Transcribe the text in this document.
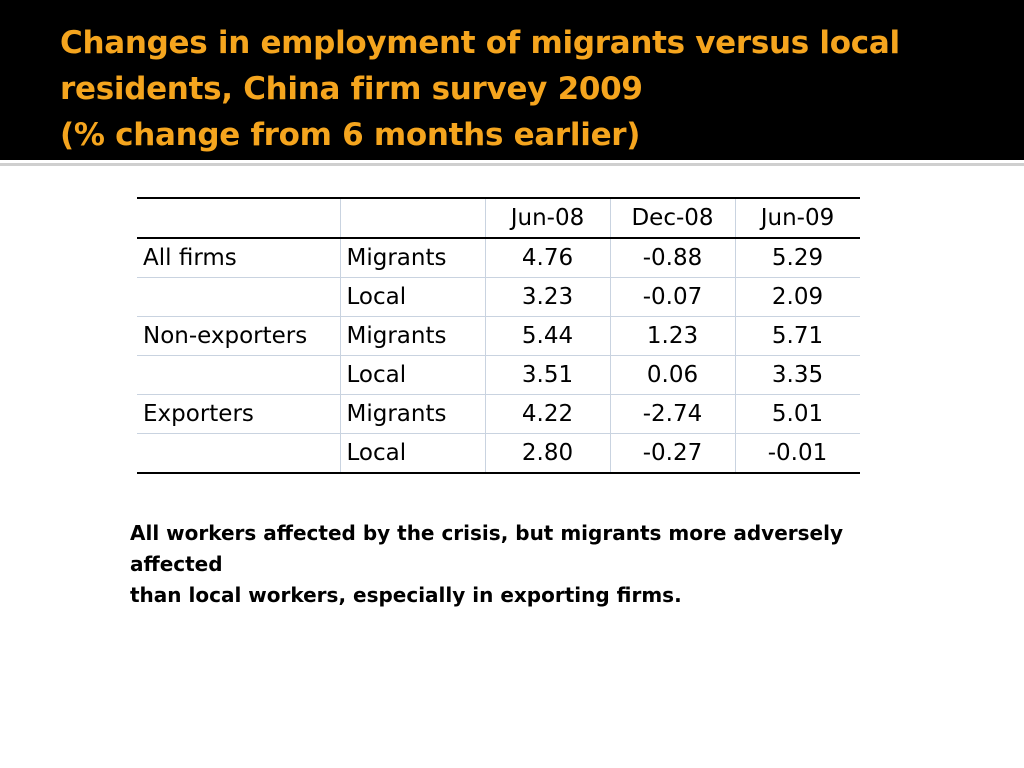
Changes in employment of migrants versus local
residents, China firm survey 2009
(% change from 6 months earlier)
		Jun-08	Dec-08	Jun-09
All firms	Migrants	4.76	-0.88	5.29
	Local	3.23	-0.07	2.09
Non-exporters	Migrants	5.44	1.23	5.71
	Local	3.51	0.06	3.35
Exporters	Migrants	4.22	-2.74	5.01
	Local	2.80	-0.27	-0.01
All workers affected by the crisis, but migrants more adversely affected
than local workers, especially in exporting firms.
